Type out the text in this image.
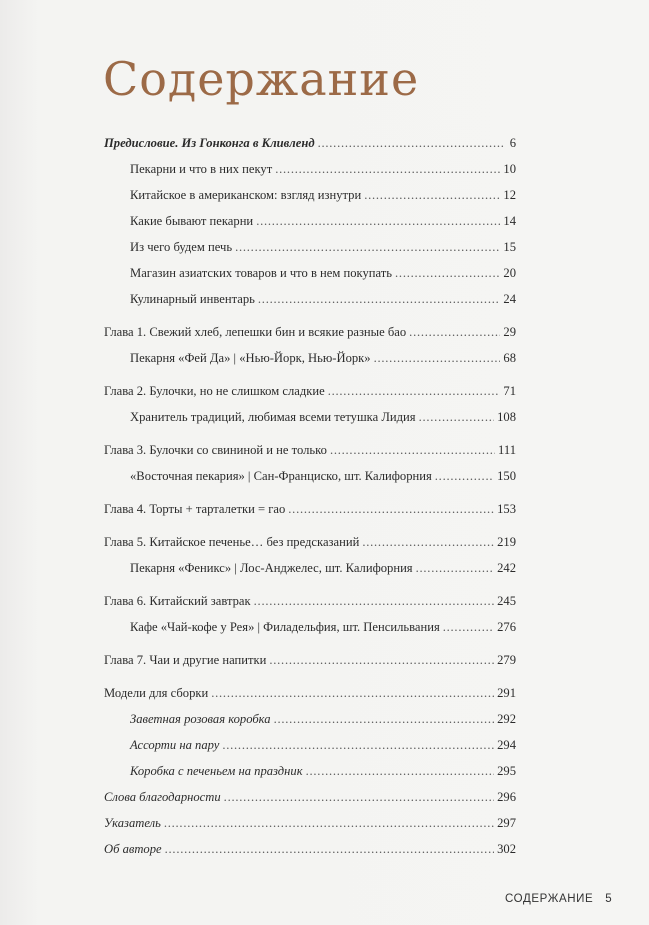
Содержание
Предисловие. Из Гонконга в Кливленд . . .	6
Пекарни и что в них пекут . . .	10
Китайское в американском: взгляд изнутри . . .	12
Какие бывают пекарни . . .	14
Из чего будем печь . . .	15
Магазин азиатских товаров и что в нем покупать . . .	20
Кулинарный инвентарь . . .	24
Глава 1. Свежий хлеб, лепешки бин и всякие разные бао . . .	29
Пекарня «Фей Да» | «Нью-Йорк, Нью-Йорк» . . .	68
Глава 2. Булочки, но не слишком сладкие . . .	71
Хранитель традиций, любимая всеми тетушка Лидия . . .	108
Глава 3. Булочки со свининой и не только . . .	111
«Восточная пекария» | Сан-Франциско, шт. Калифорния . . .	150
Глава 4. Торты + тарталетки = гао . . .	153
Глава 5. Китайское печенье… без предсказаний . . .	219
Пекарня «Феникс» | Лос-Анджелес, шт. Калифорния . . .	242
Глава 6. Китайский завтрак . . .	245
Кафе «Чай-кофе у Рея» | Филадельфия, шт. Пенсильвания . . .	276
Глава 7. Чаи и другие напитки . . .	279
Модели для сборки . . .	291
Заветная розовая коробка . . .	292
Ассорти на пару . . .	294
Коробка с печеньем на праздник . . .	295
Слова благодарности . . .	296
Указатель . . .	297
Об авторе . . .	302
СОДЕРЖАНИЕ 5
